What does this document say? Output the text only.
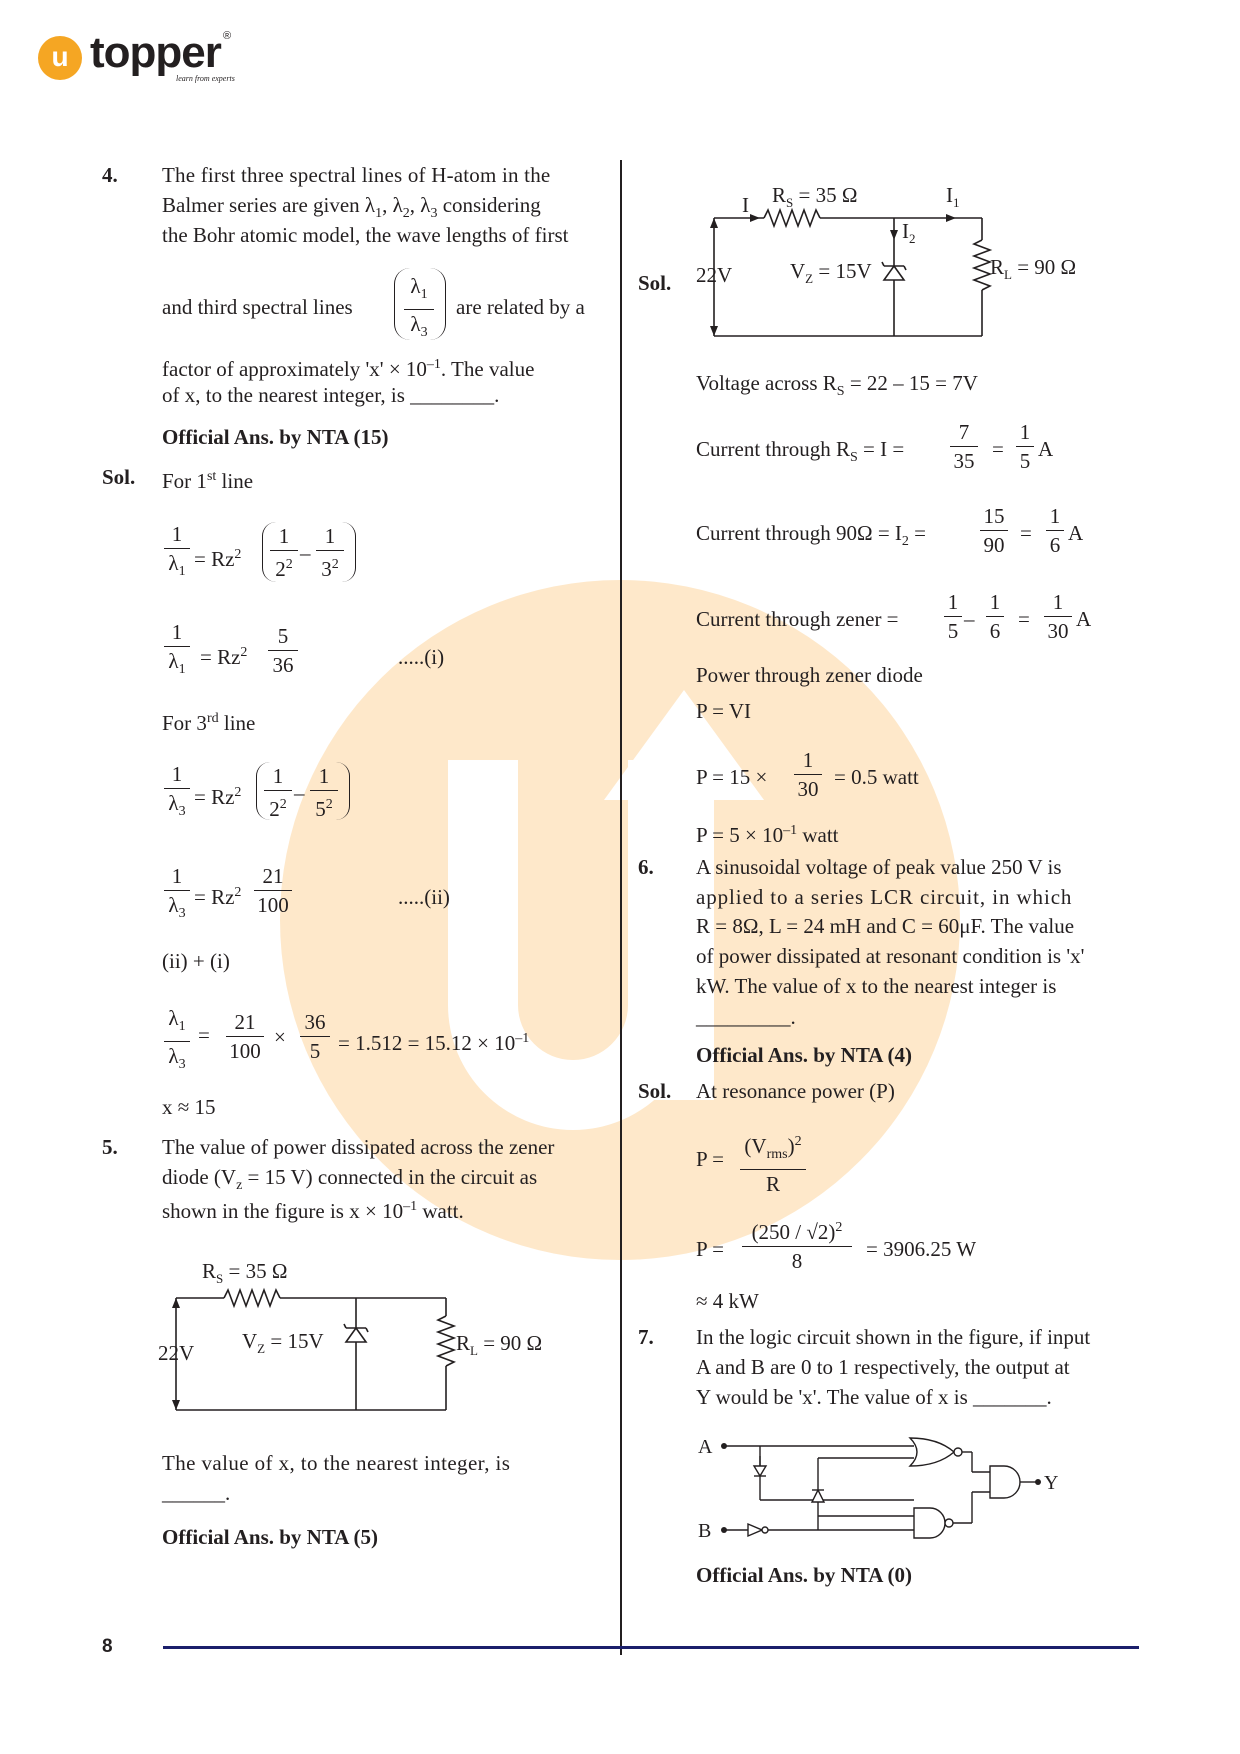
u topper ®
learn from experts
4. The first three spectral lines of H-atom in the
Balmer series are given $\lambda_1$, $\lambda_2$, $\lambda_3$ considering
the Bohr atomic model, the wave lengths of first
and third spectral lines $\frac{\lambda_1}{\lambda_3}$ are related by a
factor of approximately '$x' \times 10^{-1}$. The value
of x, to the nearest integer, is ________.
Official Ans. by NTA (15)
Sol. For 1st line
$\frac{1}{\lambda_1} = Rz^2 \frac{1}{2^2} - \frac{1}{3^2}$
$\frac{1}{\lambda_1} = Rz^2 \frac{5}{36}$	.....(i)
For 3rd line
$\frac{1}{\lambda_3} = Rz^2 \frac{1}{2^2} - \frac{1}{5^2}$
$\frac{1}{\lambda_3} = Rz^2 \frac{21}{100}$	.....(ii)
(ii) + (i)
$\frac{\lambda_1}{\lambda_3} = \frac{21}{100} \times \frac{36}{5} = 1.512 = 15.12 \times 10^{-1}$
x ≈ 15
5. The value of power dissipated across the zener
diode ($V_z = 15$ V) connected in the circuit as
shown in the figure is $x \times 10^{-1}$ watt.
$R_S = 35$ Ω
$V_Z = 15V$	$R_L = 90$ Ω
22V
The value of x, to the nearest integer, is
______.
Official Ans. by NTA (5)
Sol.
I $R_S = 35$ Ω	$I_1$
$I_2$
$V_Z = 15V$	$R_L = 90$ Ω
22V
Voltage across $R_S = 22 - 15 = 7V$
Current through $R_S = I = \frac{7}{35} = \frac{1}{5}$ A
Current through $90\Omega = I_2$ =	$\frac{15}{90} = \frac{1}{6}$ A
Current through zener = $\frac{1}{5} - \frac{1}{6} = \frac{1}{30}$ A
Power through zener diode
P = VI
$P = 15 \times \frac{1}{30} = 0.5$ watt
$P = 5 \times 10^{-1}$ watt
6. A sinusoidal voltage of peak value 250 V is
applied to a series LCR circuit, in which
R = 8Ω, L = 24 mH and C = 60μF. The value
of power dissipated at resonant condition is 'x'
kW. The value of x to the nearest integer is
_________.
Official Ans. by NTA (4)
Sol. At resonance power (P)
P =
$(V_{rms})^2$
R
$P = \frac{(250 / √2)^2}{8} = 3906.25$ W
≈ 4 kW
7. In the logic circuit shown in the figure, if input
A and B are 0 to 1 respectively, the output at
Y would be 'x'. The value of x is _______.
A
B
Y
Official Ans. by NTA (0)
8
